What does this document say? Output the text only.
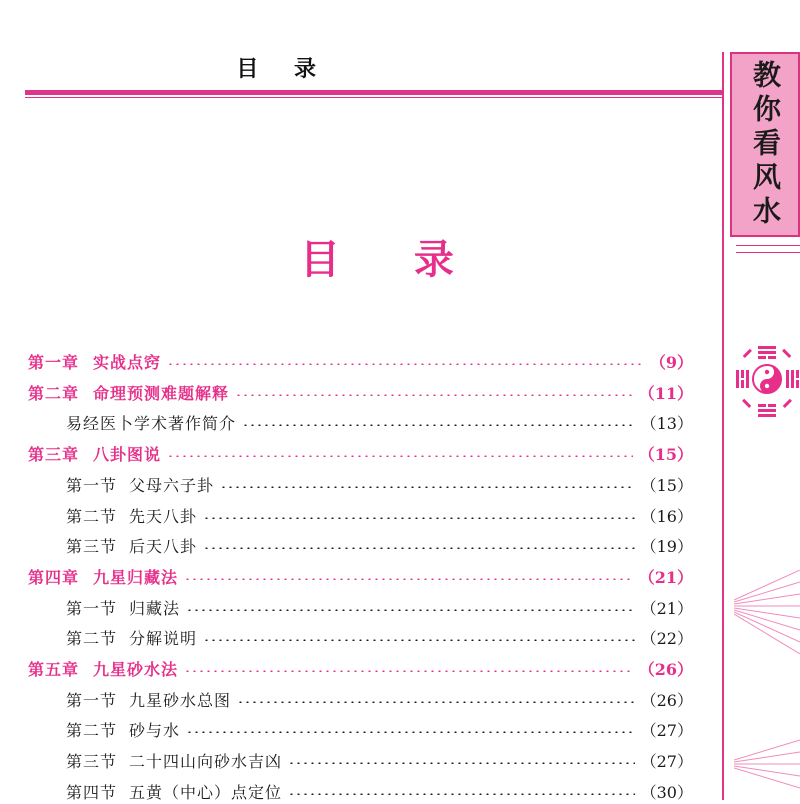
目 录
目 录
教你看风水
第一章 实战点窍	（9）
第二章 命理预测难题解释	（11）
易经医卜学术著作简介	（13）
第三章 八卦图说	（15）
第一节 父母六子卦	（15）
第二节 先天八卦	（16）
第三节 后天八卦	（19）
第四章 九星归藏法	（21）
第一节 归藏法	（21）
第二节 分解说明	（22）
第五章 九星砂水法	（26）
第一节 九星砂水总图	（26）
第二节 砂与水	（27）
第三节 二十四山向砂水吉凶	（27）
第四节 五黄（中心）点定位	（30）
